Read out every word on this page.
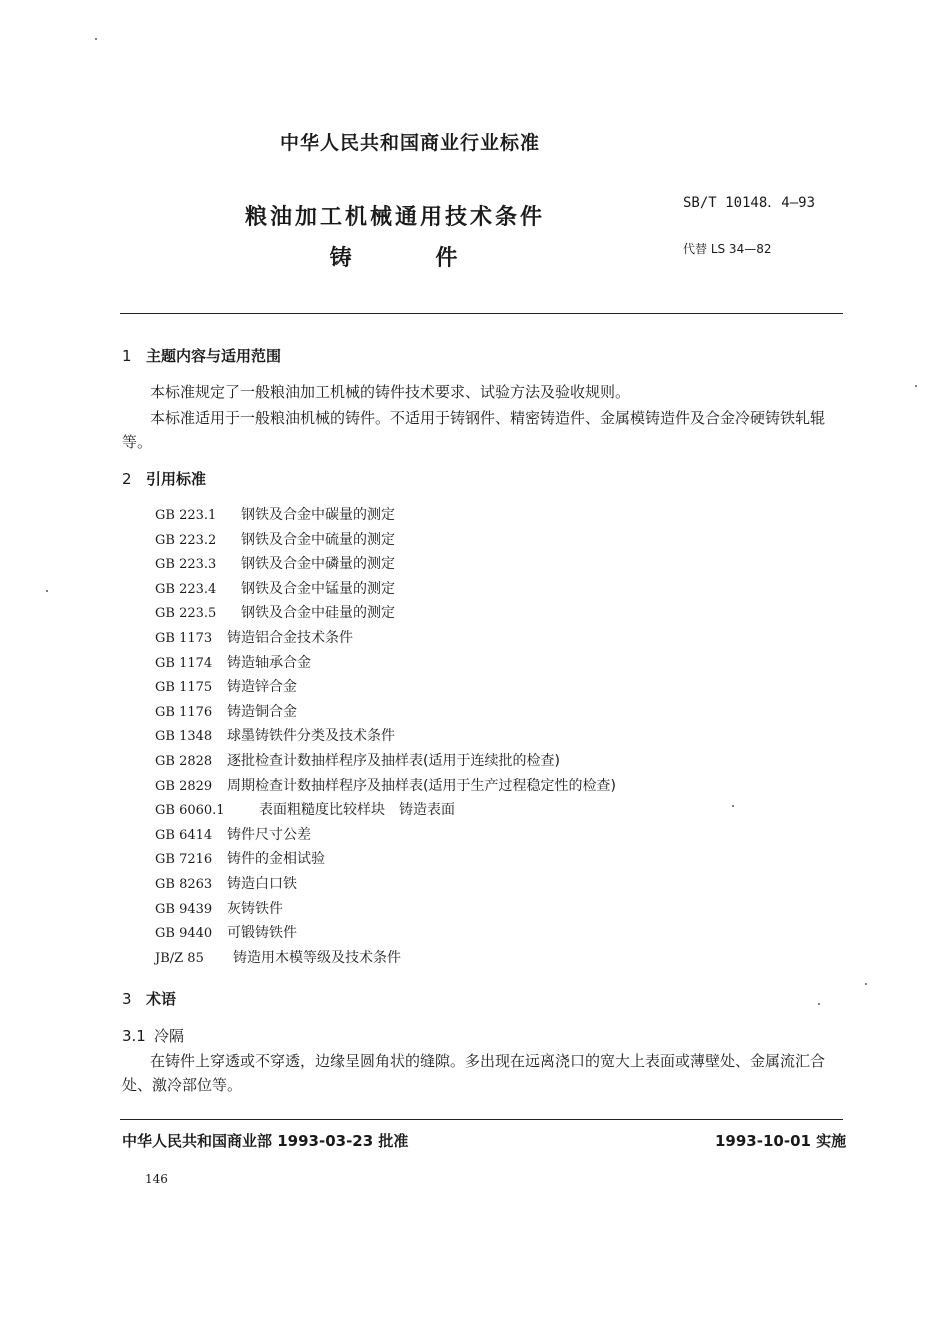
中华人民共和国商业行业标准
粮油加工机械通用技术条件
铸 件
SB/T 10148．4—93
代替 LS 34—82
1 主题内容与适用范围
本标准规定了一般粮油加工机械的铸件技术要求、试验方法及验收规则。
本标准适用于一般粮油机械的铸件。不适用于铸钢件、精密铸造件、金属模铸造件及合金冷硬铸铁轧辊等。
2 引用标准
GB 223.1 钢铁及合金中碳量的测定
GB 223.2 钢铁及合金中硫量的测定
GB 223.3 钢铁及合金中磷量的测定
GB 223.4 钢铁及合金中锰量的测定
GB 223.5 钢铁及合金中硅量的测定
GB 1173 铸造铝合金技术条件
GB 1174 铸造轴承合金
GB 1175 铸造锌合金
GB 1176 铸造铜合金
GB 1348 球墨铸铁件分类及技术条件
GB 2828 逐批检查计数抽样程序及抽样表(适用于连续批的检查)
GB 2829 周期检查计数抽样程序及抽样表(适用于生产过程稳定性的检查)
GB 6060.1 表面粗糙度比较样块　铸造表面
GB 6414 铸件尺寸公差
GB 7216 铸件的金相试验
GB 8263 铸造白口铁
GB 9439 灰铸铁件
GB 9440 可锻铸铁件
JB/Z 85 铸造用木模等级及技术条件
3 术语
3.1 冷隔
在铸件上穿透或不穿透，边缘呈圆角状的缝隙。多出现在远离浇口的宽大上表面或薄壁处、金属流汇合处、激冷部位等。
中华人民共和国商业部 1993-03-23 批准	1993-10-01 实施
146
